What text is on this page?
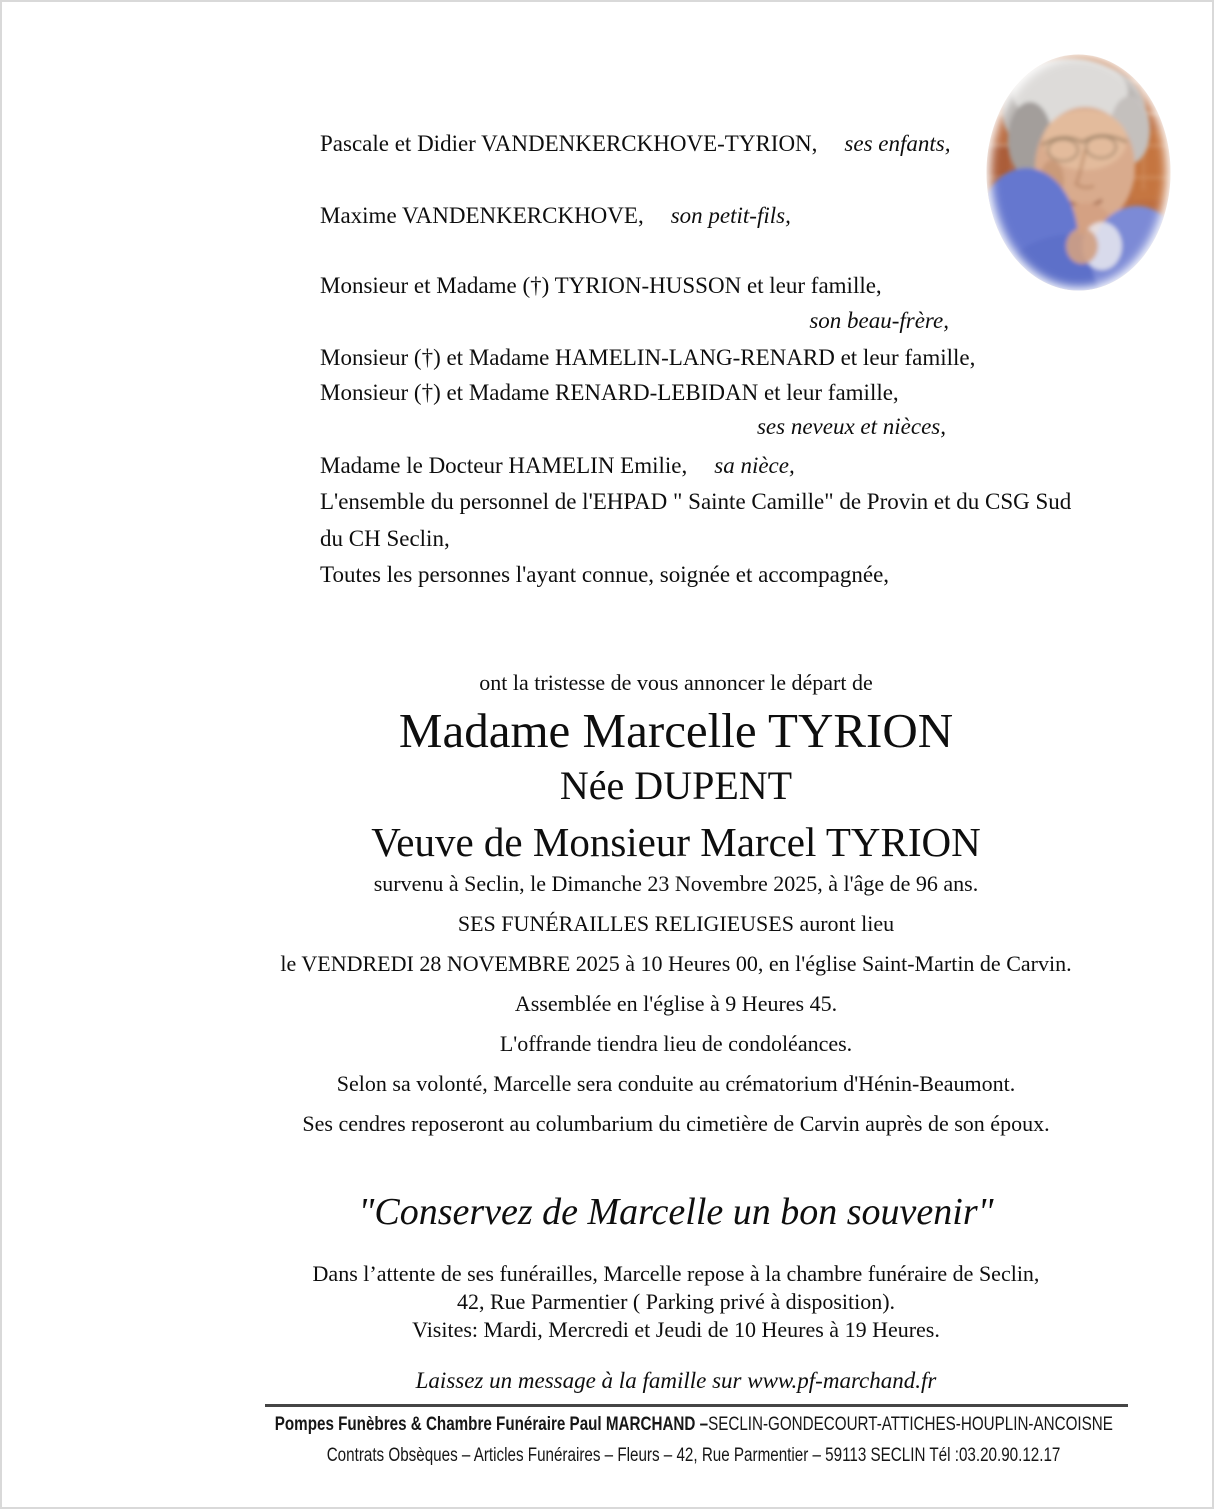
Pascale et Didier VANDENKERCKHOVE-TYRION, ses enfants,

Maxime VANDENKERCKHOVE, son petit-fils,

Monsieur et Madame (†) TYRION-HUSSON et leur famille,

son beau-frère,

Monsieur (†) et Madame HAMELIN-LANG-RENARD et leur famille,

Monsieur (†) et Madame RENARD-LEBIDAN et leur famille,

ses neveux et nièces,

Madame le Docteur HAMELIN Emilie, sa nièce,

L'ensemble du personnel de l'EHPAD " Sainte Camille" de Provin et du CSG Sud

du CH Seclin,

Toutes les personnes l'ayant connue, soignée et accompagnée,

ont la tristesse de vous annoncer le départ de

Madame Marcelle TYRION

Née DUPENT

Veuve de Monsieur Marcel TYRION

survenu à Seclin, le Dimanche 23 Novembre 2025, à l'âge de 96 ans.

SES FUNÉRAILLES RELIGIEUSES auront lieu

le VENDREDI 28 NOVEMBRE 2025 à 10 Heures 00, en l'église Saint-Martin de Carvin.

Assemblée en l'église à 9 Heures 45.

L'offrande tiendra lieu de condoléances.

Selon sa volonté, Marcelle sera conduite au crématorium d'Hénin-Beaumont.

Ses cendres reposeront au columbarium du cimetière de Carvin auprès de son époux.

"Conservez de Marcelle un bon souvenir"

Dans l’attente de ses funérailles, Marcelle repose à la chambre funéraire de Seclin,

42, Rue Parmentier ( Parking privé à disposition).

Visites: Mardi, Mercredi et Jeudi de 10 Heures à 19 Heures.

Laissez un message à la famille sur www.pf-marchand.fr

Pompes Funèbres & Chambre Funéraire Paul MARCHAND –SECLIN-GONDECOURT-ATTICHES-HOUPLIN-ANCOISNE
Contrats Obsèques – Articles Funéraires – Fleurs – 42, Rue Parmentier – 59113 SECLIN Tél :03.20.90.12.17
